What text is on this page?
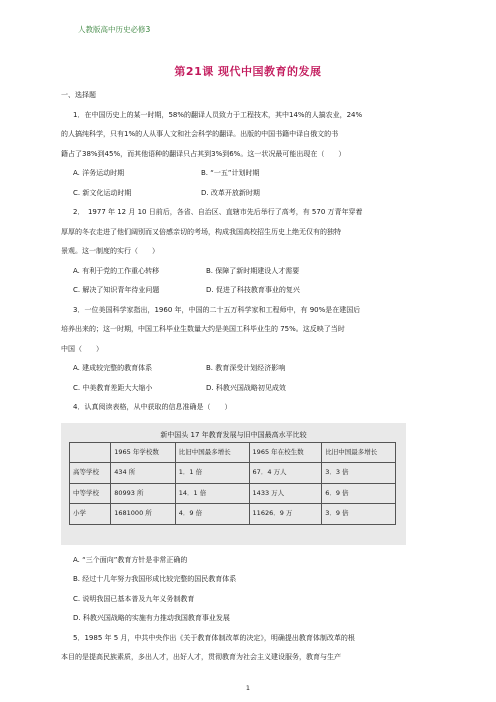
人教版高中历史必修3
第21课 现代中国教育的发展

一、选择题

1．在中国历史上的某一时期，58%的翻译人员致力于工程技术，其中14%的人搞农业，24%

的人搞纯科学，只有1%的人从事人文和社会科学的翻译。出版的中国书籍中译自俄文的书

籍占了38%到45%，而其他语种的翻译只占其到3%到6%。这一状况最可能出现在（　　）

A. 洋务运动时期	B. “一五”计划时期
C. 新文化运动时期	D. 改革开放新时期

2．　1977 年 12 月 10 日前后，各省、自治区、直辖市先后举行了高考，有 570 万青年穿着

厚厚的冬衣走进了他们阔别而又倍感亲切的考场，构成我国高校招生历史上绝无仅有的独特

景观。这一制度的实行（　　）

A. 有利于党的工作重心转移	B. 保障了新时期建设人才需要
C. 解决了知识青年待业问题	D. 促进了科技教育事业的复兴

3．一位美国科学家指出，1960 年，中国的二十五万科学家和工程师中，有 90%是在建国后

培养出来的；这一时期，中国工科毕业生数量大约是美国工科毕业生的 75%。这反映了当时

中国（　　）

A. 建成较完整的教育体系	B. 教育深受计划经济影响
C. 中美教育差距大大缩小	D. 科教兴国战略初见成效

4．认真阅读表格，从中获取的信息准确是（　　）

新中国头 17 年教育发展与旧中国最高水平比较
	1965 年学校数	比旧中国最多增长	1965 年在校生数	比旧中国最多增长
高等学校	434 所	1．1 倍	67．4 万人	3．3 倍
中等学校	80993 所	14．1 倍	1433 万人	6．9 倍
小学	1681000 所	4．9 倍	11626．9 万	3．9 倍

A. “三个面向”教育方针是非常正确的

B. 经过十几年努力我国形成比较完整的国民教育体系

C. 说明我国已基本普及九年义务制教育

D. 科教兴国战略的实施有力推动我国教育事业发展

5．1985 年 5 月，中共中央作出《关于教育体制改革的决定》，明确提出教育体制改革的根

本目的是提高民族素质，多出人才，出好人才，贯彻教育为社会主义建设服务，教育与生产

1
